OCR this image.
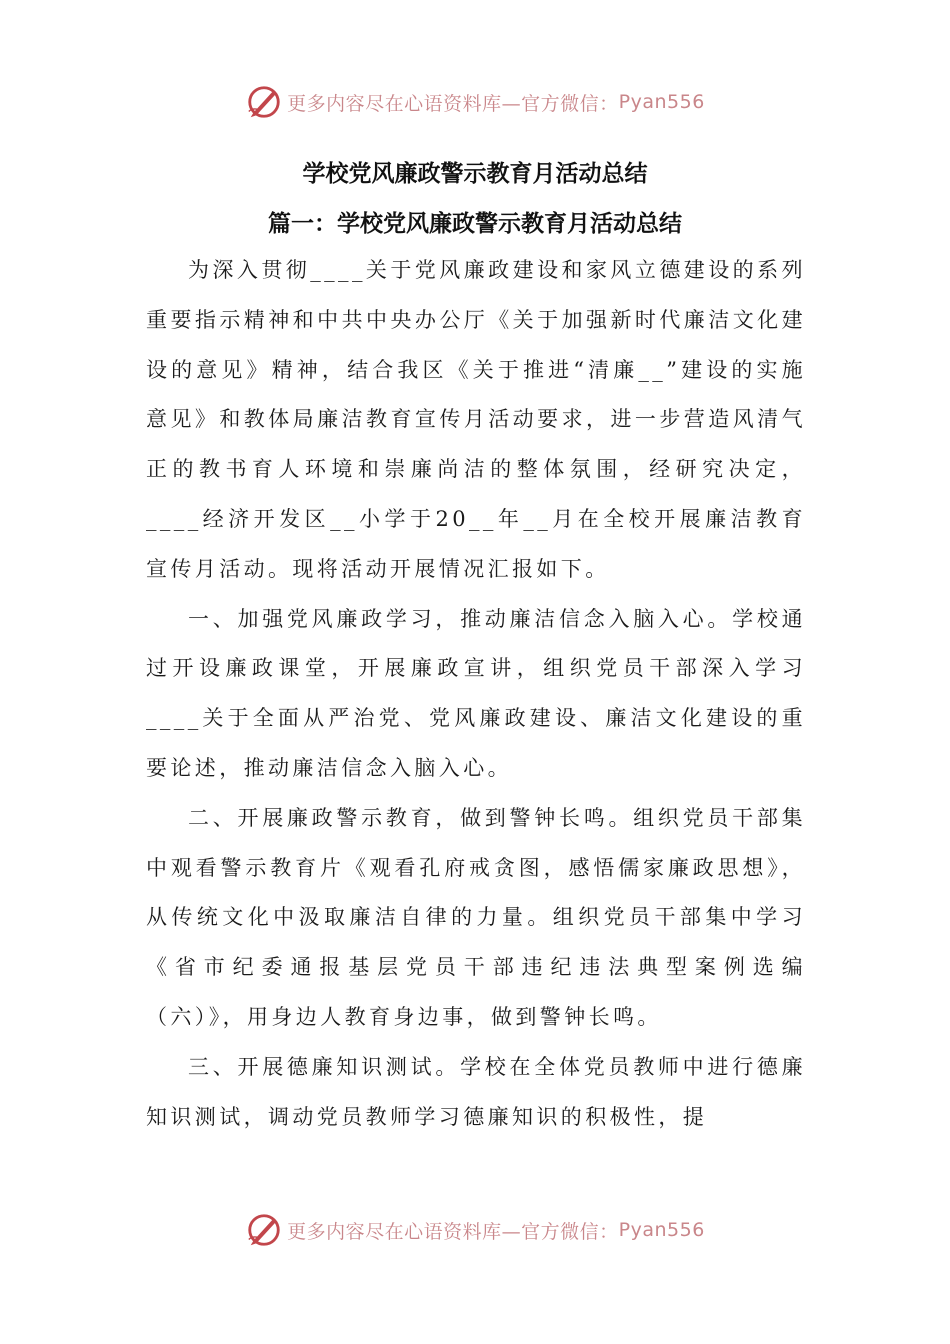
更多内容尽在心语资料库—官方微信： Pyan556
学校党风廉政警示教育月活动总结
篇一：学校党风廉政警示教育月活动总结

为深入贯彻____关于党风廉政建设和家风立德建设的系列重要指示精神和中共中央办公厅《关于加强新时代廉洁文化建设的意见》精神，结合我区《关于推进“清廉__”建设的实施意见》和教体局廉洁教育宣传月活动要求，进一步营造风清气正的教书育人环境和崇廉尚洁的整体氛围，经研究决定，____经济开发区__小学于20__年__月在全校开展廉洁教育宣传月活动。现将活动开展情况汇报如下。

一、加强党风廉政学习，推动廉洁信念入脑入心。学校通过开设廉政课堂，开展廉政宣讲，组织党员干部深入学习____关于全面从严治党、党风廉政建设、廉洁文化建设的重要论述，推动廉洁信念入脑入心。

二、开展廉政警示教育，做到警钟长鸣。组织党员干部集中观看警示教育片《观看孔府戒贪图，感悟儒家廉政思想》，从传统文化中汲取廉洁自律的力量。组织党员干部集中学习《省市纪委通报基层党员干部违纪违法典型案例选编（六）》，用身边人教育身边事，做到警钟长鸣。

三、开展德廉知识测试。学校在全体党员教师中进行德廉知识测试，调动党员教师学习德廉知识的积极性，提

更多内容尽在心语资料库—官方微信： Pyan556
